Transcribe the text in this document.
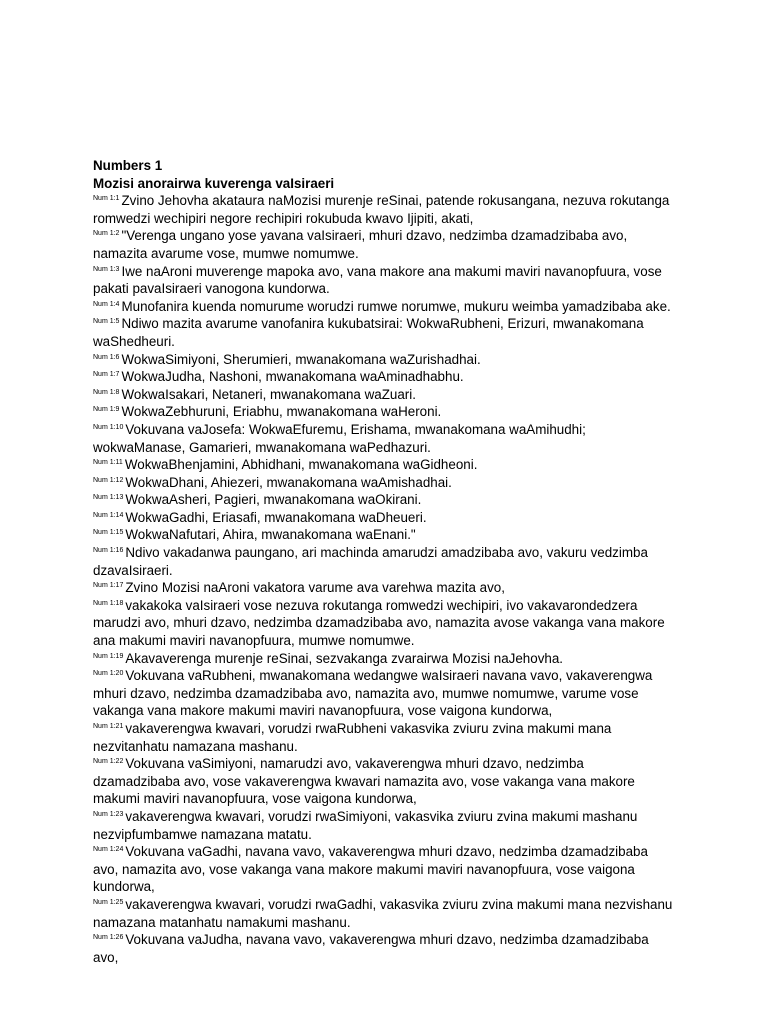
Numbers 1

Mozisi anorairwa kuverenga vaIsiraeri

$^{Num 1:1}$ Zvino Jehovha akataura naMozisi murenje reSinai, patende rokusangana, nezuva rokutanga romwedzi wechipiri negore rechipiri rokubuda kwavo Ijipiti, akati,

$^{Num 1:2}$ "Verenga ungano yose yavana vaIsiraeri, mhuri dzavo, nedzimba dzamadzibaba avo, namazita avarume vose, mumwe nomumwe.

$^{Num 1:3}$ Iwe naAroni muverenge mapoka avo, vana makore ana makumi maviri navanopfuura, vose pakati pavaIsiraeri vanogona kundorwa.

$^{Num 1:4}$ Munofanira kuenda nomurume worudzi rumwe norumwe, mukuru weimba yamadzibaba ake.

$^{Num 1:5}$ Ndiwo mazita avarume vanofanira kukubatsirai: WokwaRubheni, Erizuri, mwanakomana waShedheuri.

$^{Num 1:6}$ WokwaSimiyoni, Sherumieri, mwanakomana waZurishadhai.

$^{Num 1:7}$ WokwaJudha, Nashoni, mwanakomana waAminadhabhu.

$^{Num 1:8}$ WokwaIsakari, Netaneri, mwanakomana waZuari.

$^{Num 1:9}$ WokwaZebhuruni, Eriabhu, mwanakomana waHeroni.

$^{Num 1:10}$ Vokuvana vaJosefa: WokwaEfuremu, Erishama, mwanakomana waAmihudhi; wokwaManase, Gamarieri, mwanakomana waPedhazuri.

$^{Num 1:11}$ WokwaBhenjamini, Abhidhani, mwanakomana waGidheoni.

$^{Num 1:12}$ WokwaDhani, Ahiezeri, mwanakomana waAmishadhai.

$^{Num 1:13}$ WokwaAsheri, Pagieri, mwanakomana waOkirani.

$^{Num 1:14}$ WokwaGadhi, Eriasafi, mwanakomana waDheueri.

$^{Num 1:15}$ WokwaNafutari, Ahira, mwanakomana waEnani."

$^{Num 1:16}$ Ndivo vakadanwa paungano, ari machinda amarudzi amadzibaba avo, vakuru vedzimba dzavaIsiraeri.

$^{Num 1:17}$ Zvino Mozisi naAroni vakatora varume ava varehwa mazita avo,

$^{Num 1:18}$ vakakoka vaIsiraeri vose nezuva rokutanga romwedzi wechipiri, ivo vakavarondedzera marudzi avo, mhuri dzavo, nedzimba dzamadzibaba avo, namazita avose vakanga vana makore ana makumi maviri navanopfuura, mumwe nomumwe.

$^{Num 1:19}$ Akavaverenga murenje reSinai, sezvakanga zvarairwa Mozisi naJehovha.

$^{Num 1:20}$ Vokuvana vaRubheni, mwanakomana wedangwe waIsiraeri navana vavo, vakaverengwa mhuri dzavo, nedzimba dzamadzibaba avo, namazita avo, mumwe nomumwe, varume vose vakanga vana makore makumi maviri navanopfuura, vose vaigona kundorwa,

$^{Num 1:21}$ vakaverengwa kwavari, vorudzi rwaRubheni vakasvika zviuru zvina makumi mana nezvitanhatu namazana mashanu.

$^{Num 1:22}$ Vokuvana vaSimiyoni, namarudzi avo, vakaverengwa mhuri dzavo, nedzimba dzamadzibaba avo, vose vakaverengwa kwavari namazita avo, vose vakanga vana makore makumi maviri navanopfuura, vose vaigona kundorwa,

$^{Num 1:23}$ vakaverengwa kwavari, vorudzi rwaSimiyoni, vakasvika zviuru zvina makumi mashanu nezvipfumbamwe namazana matatu.

$^{Num 1:24}$ Vokuvana vaGadhi, navana vavo, vakaverengwa mhuri dzavo, nedzimba dzamadzibaba avo, namazita avo, vose vakanga vana makore makumi maviri navanopfuura, vose vaigona kundorwa,

$^{Num 1:25}$ vakaverengwa kwavari, vorudzi rwaGadhi, vakasvika zviuru zvina makumi mana nezvishanu namazana matanhatu namakumi mashanu.

$^{Num 1:26}$ Vokuvana vaJudha, navana vavo, vakaverengwa mhuri dzavo, nedzimba dzamadzibaba avo,
